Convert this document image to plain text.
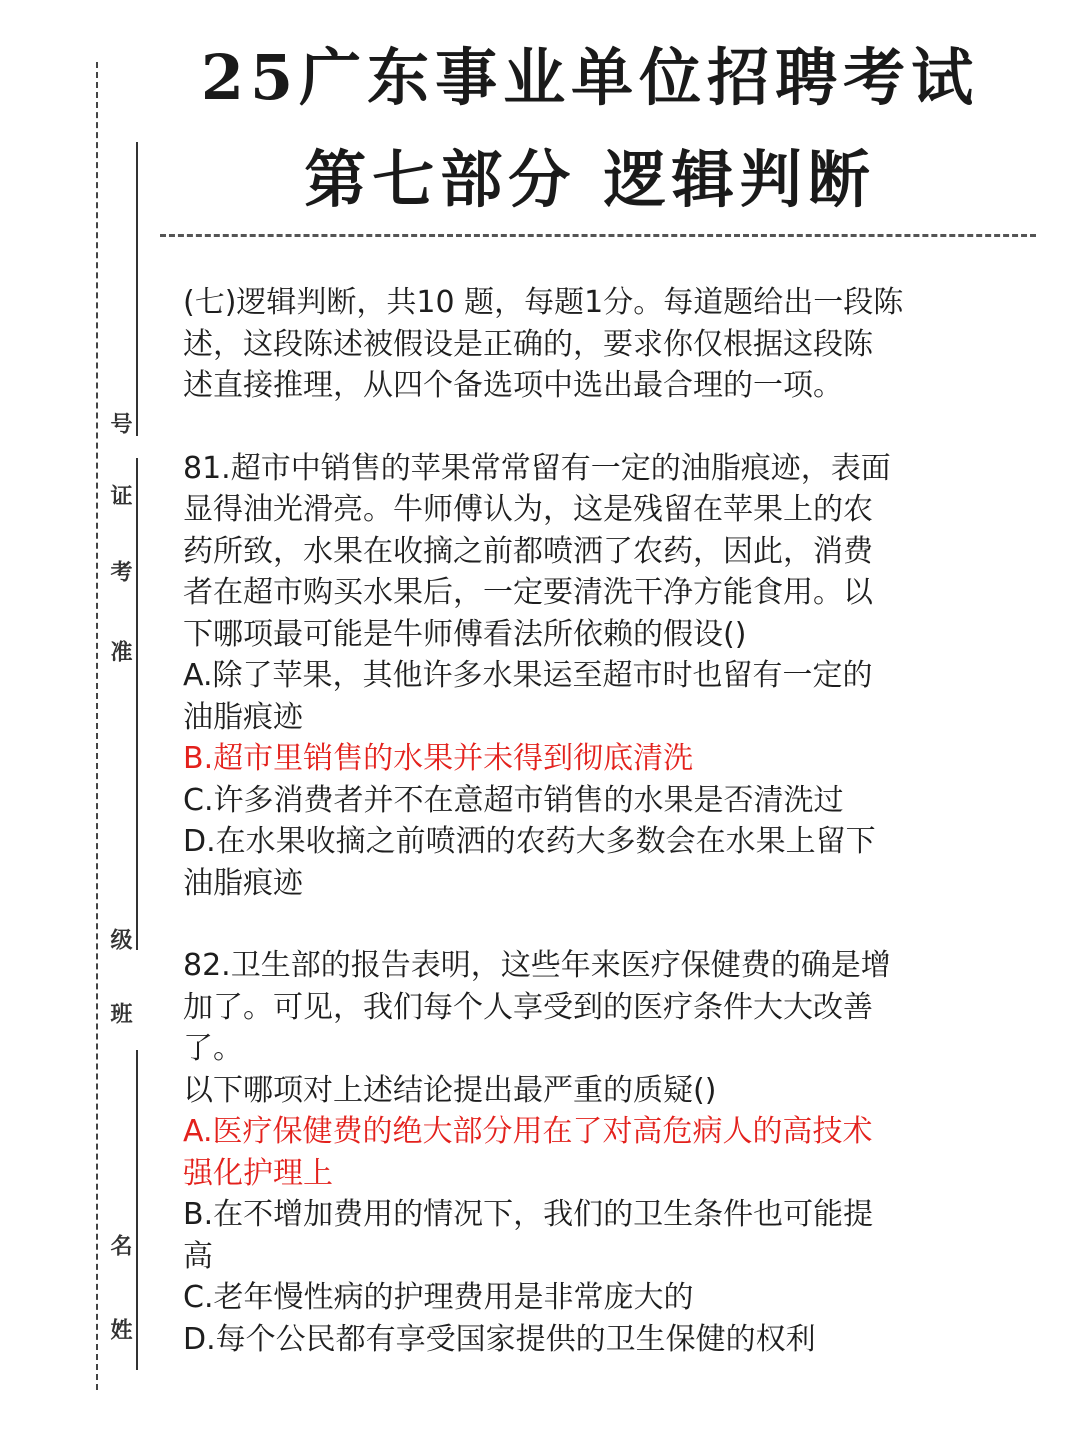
准
考
证
号
班
级
姓
名
25广东事业单位招聘考试
第七部分 逻辑判断

(七)逻辑判断，共10 题，每题1分。每道题给出一段陈

述，这段陈述被假设是正确的，要求你仅根据这段陈

述直接推理，从四个备选项中选出最合理的一项。

81.超市中销售的苹果常常留有一定的油脂痕迹，表面

显得油光滑亮。牛师傅认为，这是残留在苹果上的农

药所致，水果在收摘之前都喷洒了农药，因此，消费

者在超市购买水果后，一定要清洗干净方能食用。以

下哪项最可能是牛师傅看法所依赖的假设()

A.除了苹果，其他许多水果运至超市时也留有一定的

油脂痕迹

B.超市里销售的水果并未得到彻底清洗

C.许多消费者并不在意超市销售的水果是否清洗过

D.在水果收摘之前喷洒的农药大多数会在水果上留下

油脂痕迹

82.卫生部的报告表明，这些年来医疗保健费的确是增

加了。可见，我们每个人享受到的医疗条件大大改善

了。

以下哪项对上述结论提出最严重的质疑()

A.医疗保健费的绝大部分用在了对高危病人的高技术

强化护理上

B.在不增加费用的情况下，我们的卫生条件也可能提

高

C.老年慢性病的护理费用是非常庞大的

D.每个公民都有享受国家提供的卫生保健的权利
